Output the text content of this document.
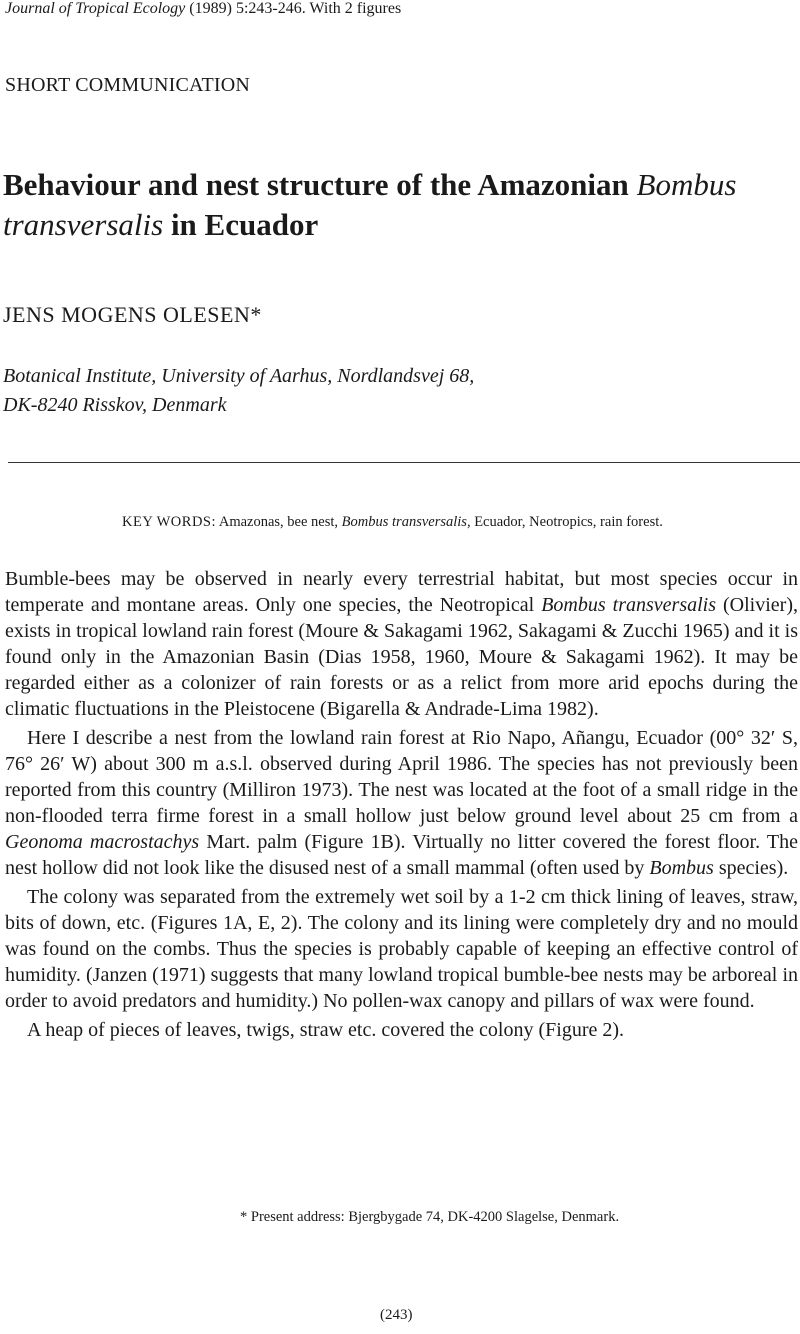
Journal of Tropical Ecology (1989) 5:243-246. With 2 figures
SHORT COMMUNICATION
Behaviour and nest structure of the Amazonian Bombus transversalis in Ecuador
JENS MOGENS OLESEN*
Botanical Institute, University of Aarhus, Nordlandsvej 68,
DK-8240 Risskov, Denmark
KEY WORDS: Amazonas, bee nest, Bombus transversalis, Ecuador, Neotropics, rain forest.

Bumble-bees may be observed in nearly every terrestrial habitat, but most species occur in temperate and montane areas. Only one species, the Neotropical Bombus transversalis (Olivier), exists in tropical lowland rain forest (Moure & Sakagami 1962, Sakagami & Zucchi 1965) and it is found only in the Amazonian Basin (Dias 1958, 1960, Moure & Sakagami 1962). It may be regarded either as a colonizer of rain forests or as a relict from more arid epochs during the climatic fluctuations in the Pleistocene (Bigarella & Andrade-Lima 1982).

Here I describe a nest from the lowland rain forest at Rio Napo, Añangu, Ecuador (00° 32′ S, 76° 26′ W) about 300 m a.s.l. observed during April 1986. The species has not previously been reported from this country (Milliron 1973). The nest was located at the foot of a small ridge in the non-flooded terra firme forest in a small hollow just below ground level about 25 cm from a Geonoma macrostachys Mart. palm (Figure 1B). Virtually no litter covered the forest floor. The nest hollow did not look like the disused nest of a small mammal (often used by Bombus species).

The colony was separated from the extremely wet soil by a 1-2 cm thick lining of leaves, straw, bits of down, etc. (Figures 1A, E, 2). The colony and its lining were completely dry and no mould was found on the combs. Thus the species is probably capable of keeping an effective control of humidity. (Janzen (1971) suggests that many lowland tropical bumble-bee nests may be arboreal in order to avoid predators and humidity.) No pollen-wax canopy and pillars of wax were found.

A heap of pieces of leaves, twigs, straw etc. covered the colony (Figure 2).

* Present address: Bjergbygade 74, DK-4200 Slagelse, Denmark.
(243)
